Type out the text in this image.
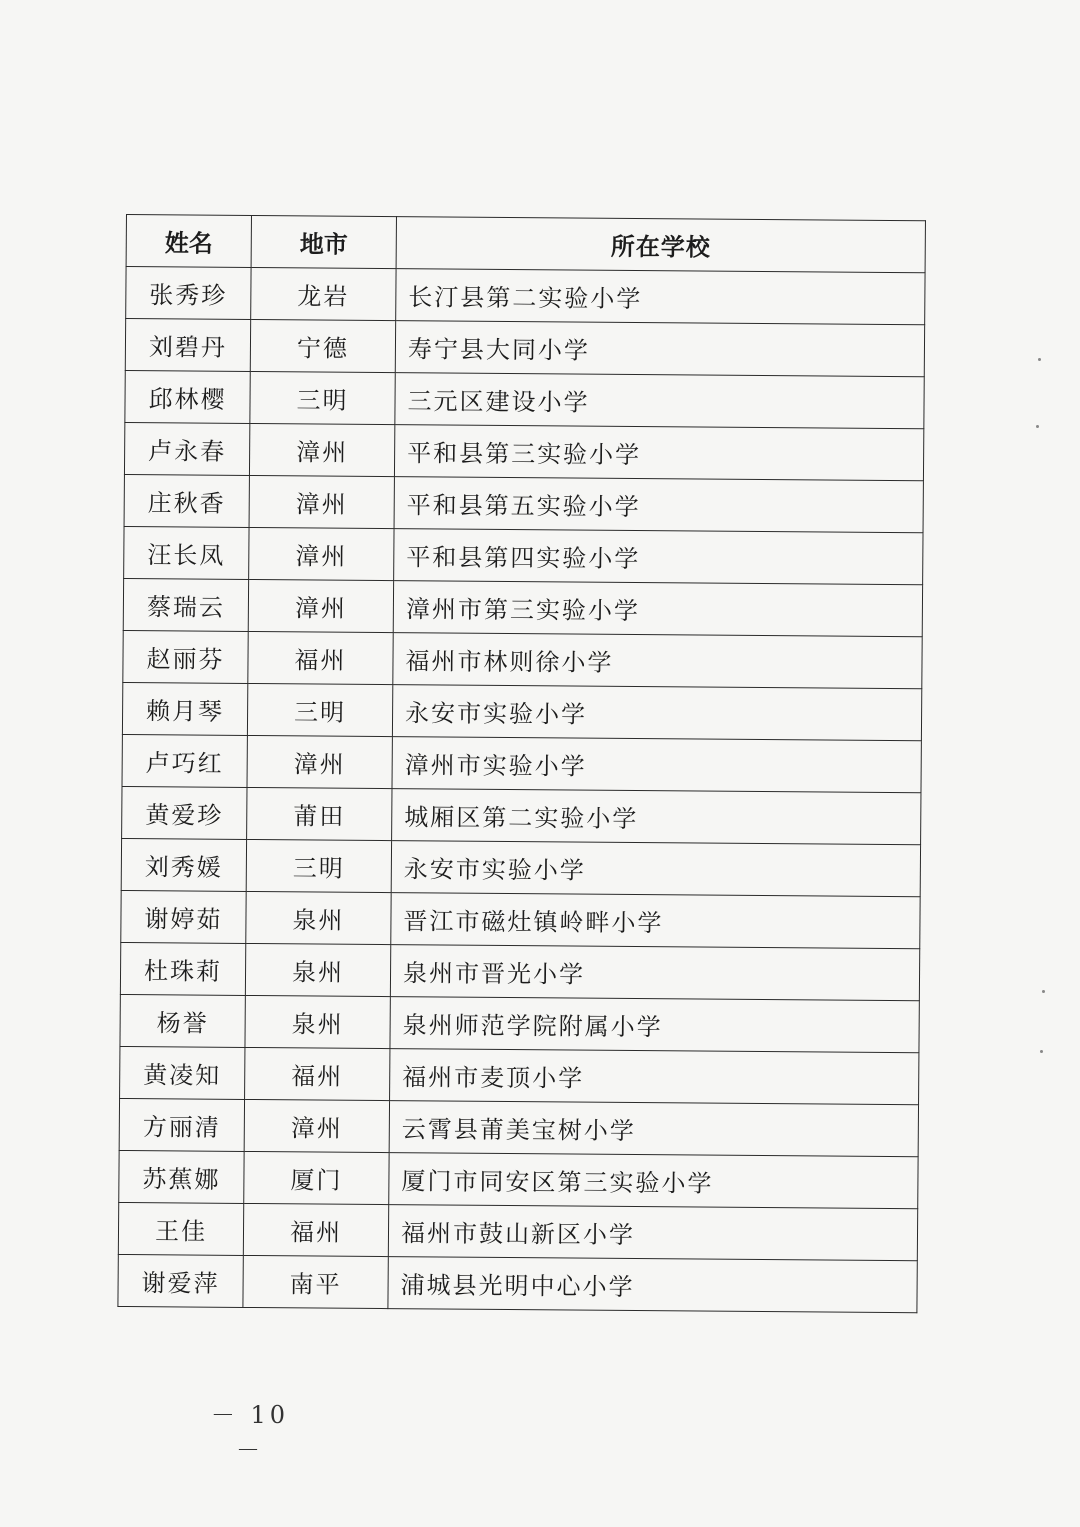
姓名	地市	所在学校
张秀珍	龙岩	长汀县第二实验小学
刘碧丹	宁德	寿宁县大同小学
邱林樱	三明	三元区建设小学
卢永春	漳州	平和县第三实验小学
庄秋香	漳州	平和县第五实验小学
汪长凤	漳州	平和县第四实验小学
蔡瑞云	漳州	漳州市第三实验小学
赵丽芬	福州	福州市林则徐小学
赖月琴	三明	永安市实验小学
卢巧红	漳州	漳州市实验小学
黄爱珍	莆田	城厢区第二实验小学
刘秀媛	三明	永安市实验小学
谢婷茹	泉州	晋江市磁灶镇岭畔小学
杜珠莉	泉州	泉州市晋光小学
杨誉	泉州	泉州师范学院附属小学
黄凌知	福州	福州市麦顶小学
方丽清	漳州	云霄县莆美宝树小学
苏蕉娜	厦门	厦门市同安区第三实验小学
王佳	福州	福州市鼓山新区小学
谢爱萍	南平	浦城县光明中心小学
－ 10 －
